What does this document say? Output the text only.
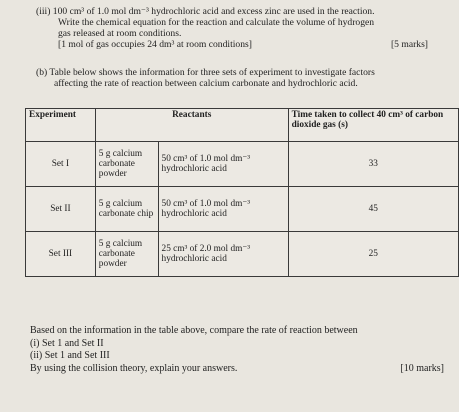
(iii) 100 cm³ of 1.0 mol dm⁻³ hydrochloric acid and excess zinc are used in the reaction.
Write the chemical equation for the reaction and calculate the volume of hydrogen
gas released at room conditions.
[1 mol of gas occupies 24 dm³ at room conditions]	[5 marks]
(b) Table below shows the information for three sets of experiment to investigate factors
affecting the rate of reaction between calcium carbonate and hydrochloric acid.
Experiment	Reactants		Time taken to collect 40 cm³ of carbon dioxide gas (s)
Set I	5 g calcium carbonate powder	50 cm³ of 1.0 mol dm⁻³ hydrochloric acid	33
Set II	5 g calcium carbonate chip	50 cm³ of 1.0 mol dm⁻³ hydrochloric acid	45
Set III	5 g calcium carbonate powder	25 cm³ of 2.0 mol dm⁻³ hydrochloric acid	25
Based on the information in the table above, compare the rate of reaction between
(i) Set 1 and Set II
(ii) Set 1 and Set III
By using the collision theory, explain your answers.	[10 marks]
